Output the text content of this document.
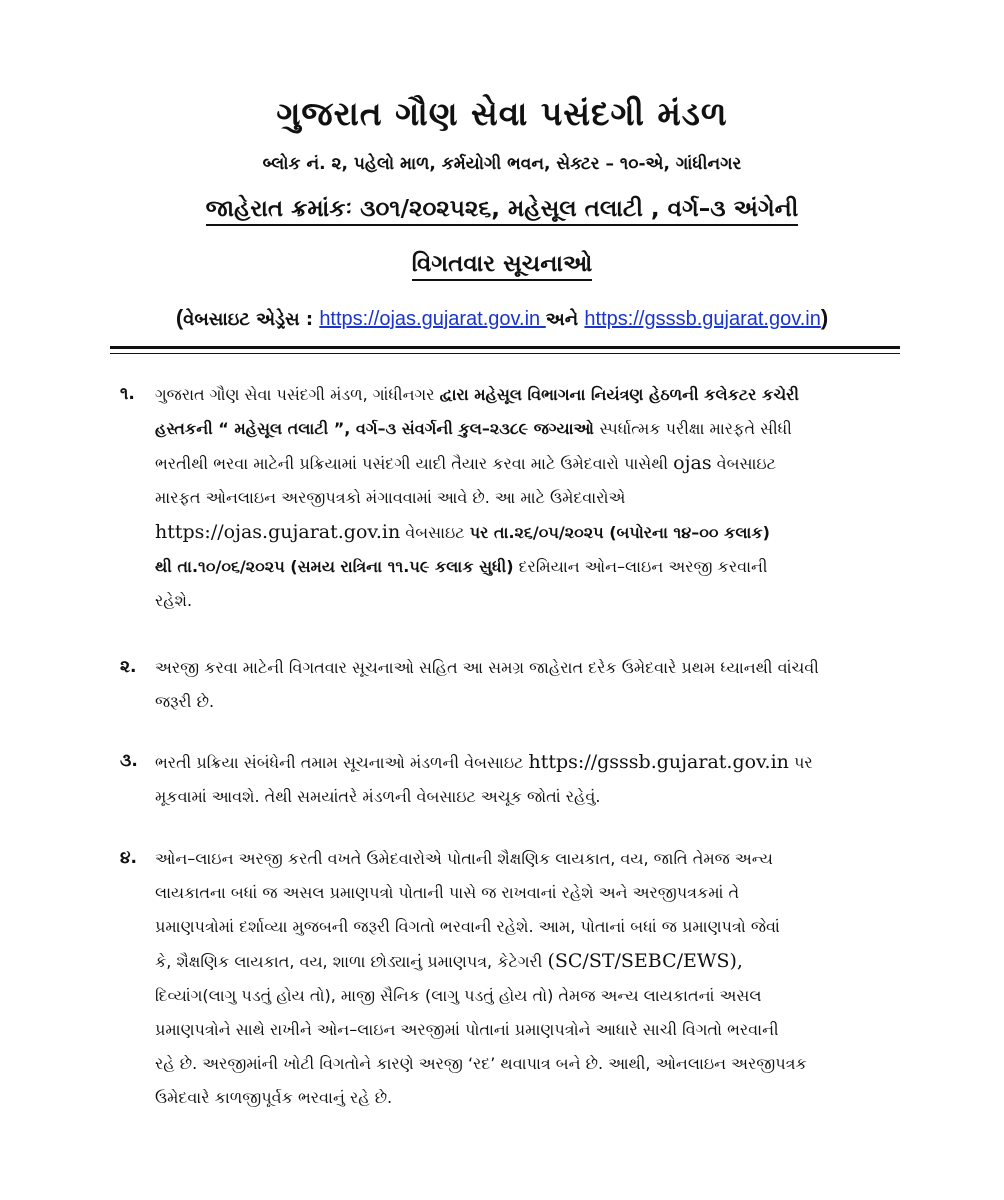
ગુજરાત ગૌણ સેવા પસંદગી મંડળ
બ્લોક નં. ૨, પહેલો માળ, કર્મયોગી ભવન, સેક્ટર – ૧૦-એ, ગાંધીનગર
જાહેરાત ક્રમાંકઃ ૩૦૧/૨૦૨૫૨૬, મહેસૂલ તલાટી , વર્ગ–૩ અંગેની
વિગતવાર સૂચનાઓ
(વેબસાઇટ એડ્રેસ : https://ojas.gujarat.gov.in અને https://gsssb.gujarat.gov.in)
૧. ગુજરાત ગૌણ સેવા પસંદગી મંડળ, ગાંધીનગર દ્વારા મહેસૂલ વિભાગના નિયંત્રણ હેઠળની કલેકટર કચેરી
હસ્તકની “ મહેસૂલ તલાટી ”, વર્ગ–૩ સંવર્ગની કુલ–૨૩૮૯ જગ્યાઓ સ્પર્ધાત્મક પરીક્ષા મારફતે સીધી
ભરતીથી ભરવા માટેની પ્રક્રિયામાં પસંદગી યાદી તૈયાર કરવા માટે ઉમેદવારો પાસેથી ojas વેબસાઇટ
મારફત ઓનલાઇન અરજીપત્રકો મંગાવવામાં આવે છે. આ માટે ઉમેદવારોએ
https://ojas.gujarat.gov.in વેબસાઇટ પર તા.૨૬/૦૫/૨૦૨૫ (બપોરના ૧૪–૦૦ કલાક)
થી તા.૧૦/૦૬/૨૦૨૫ (સમય રાત્રિના ૧૧.૫૯ કલાક સુધી) દરમિયાન ઓન–લાઇન અરજી કરવાની
રહેશે.
૨. અરજી કરવા માટેની વિગતવાર સૂચનાઓ સહિત આ સમગ્ર જાહેરાત દરેક ઉમેદવારે પ્રથમ ધ્યાનથી વાંચવી
જરૂરી છે.
૩. ભરતી પ્રક્રિયા સંબંધેની તમામ સૂચનાઓ મંડળની વેબસાઇટ https://gsssb.gujarat.gov.in પર
મૂકવામાં આવશે. તેથી સમયાંતરે મંડળની વેબસાઇટ અચૂક જોતાં રહેવું.
૪. ઓન–લાઇન અરજી કરતી વખતે ઉમેદવારોએ પોતાની શૈક્ષણિક લાયકાત, વય, જાતિ તેમજ અન્ય
લાયકાતના બધાં જ અસલ પ્રમાણપત્રો પોતાની પાસે જ રાખવાનાં રહેશે અને અરજીપત્રકમાં તે
પ્રમાણપત્રોમાં દર્શાવ્યા મુજબની જરૂરી વિગતો ભરવાની રહેશે. આમ, પોતાનાં બધાં જ પ્રમાણપત્રો જેવાં
કે, શૈક્ષણિક લાયકાત, વય, શાળા છોડ્યાનું પ્રમાણપત્ર, કેટેગરી (SC/ST/SEBC/EWS),
દિવ્યાંગ(લાગુ પડતું હોય તો), માજી સૈનિક (લાગુ પડતું હોય તો) તેમજ અન્ય લાયકાતનાં અસલ
પ્રમાણપત્રોને સાથે રાખીને ઓન–લાઇન અરજીમાં પોતાનાં પ્રમાણપત્રોને આધારે સાચી વિગતો ભરવાની
રહે છે. અરજીમાંની ખોટી વિગતોને કારણે અરજી ‘રદ’ થવાપાત્ર બને છે. આથી, ઓનલાઇન અરજીપત્રક
ઉમેદવારે કાળજીપૂર્વક ભરવાનું રહે છે.
